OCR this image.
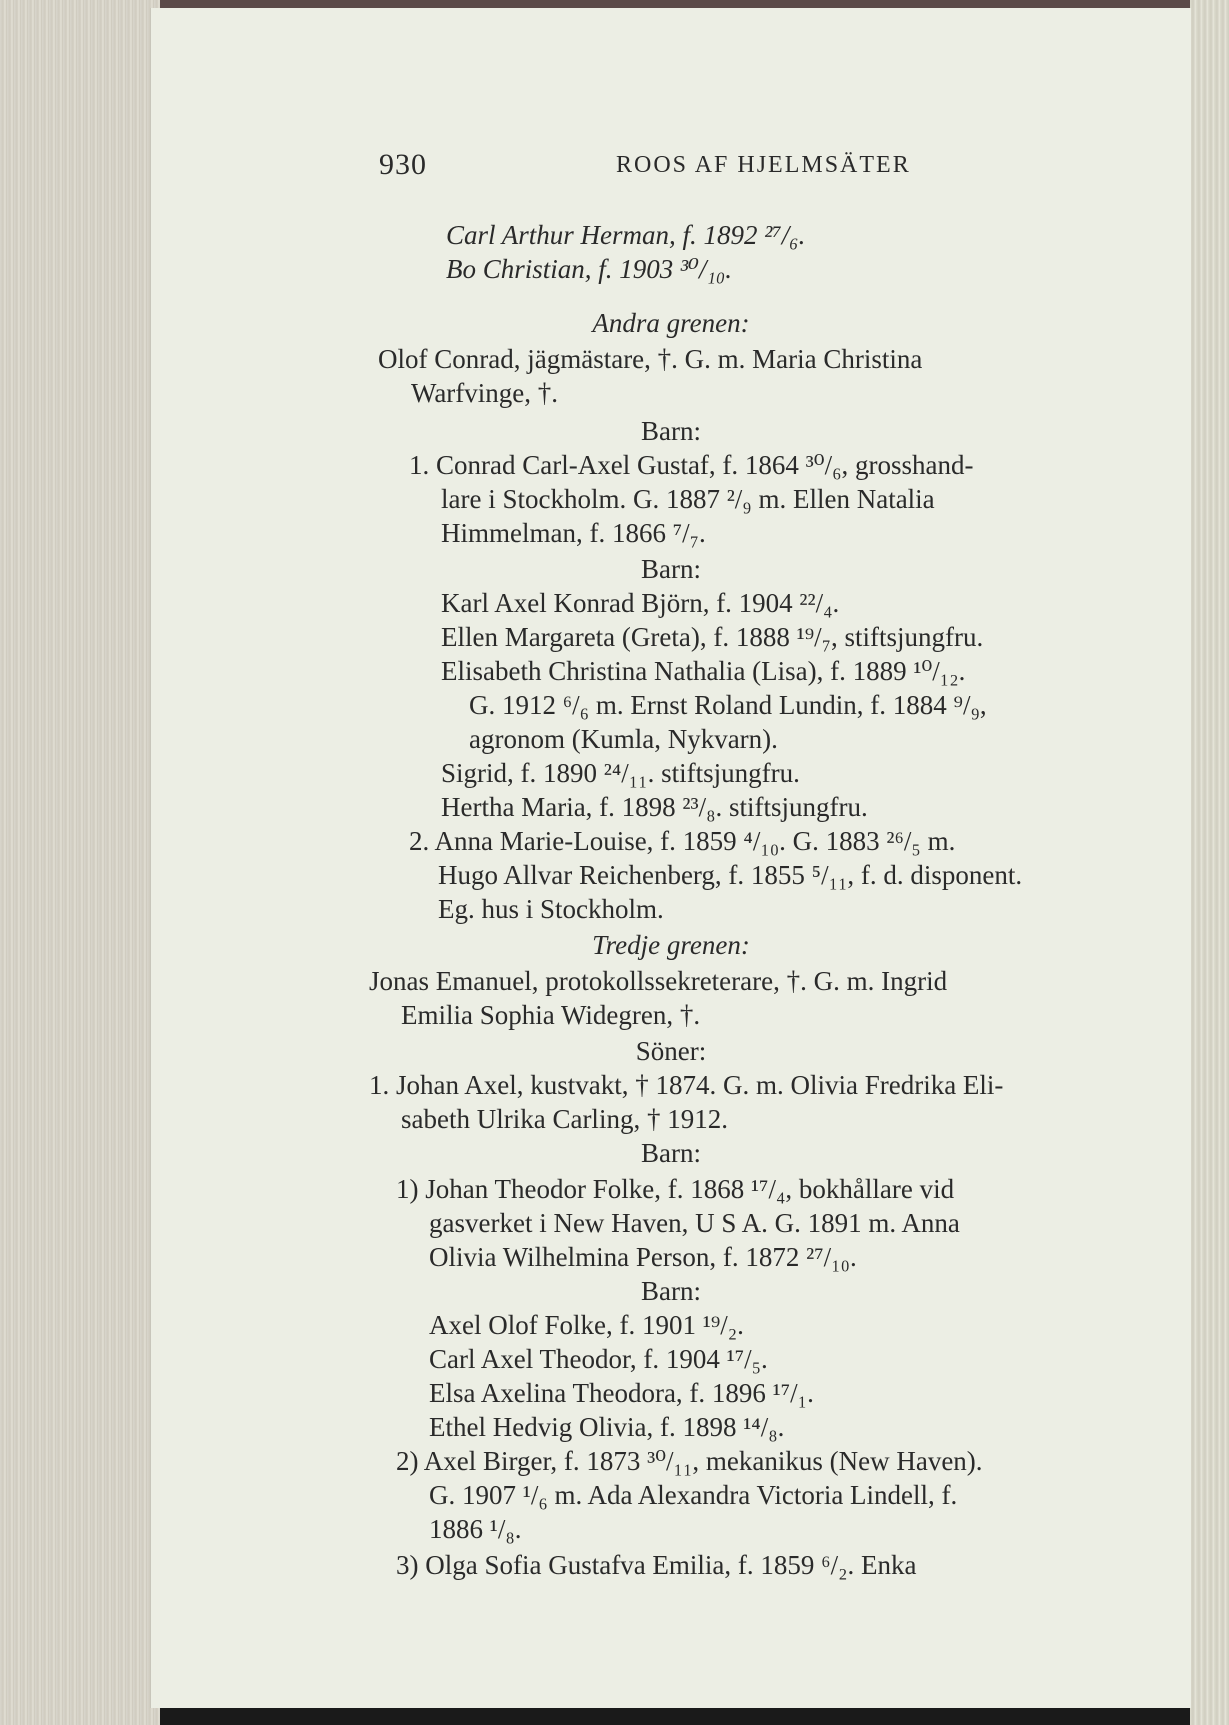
930	ROOS AF HJELMSÄTER
Carl Arthur Herman, f. 1892 ²⁷/₆.
Bo Christian, f. 1903 ³⁰/₁₀.
Andra grenen:
Olof Conrad, jägmästare, †. G. m. Maria Christina
Warfvinge, †.
Barn:
1. Conrad Carl-Axel Gustaf, f. 1864 ³⁰/₆, grosshand-
lare i Stockholm. G. 1887 ²/₉ m. Ellen Natalia
Himmelman, f. 1866 ⁷/₇.
Barn:
Karl Axel Konrad Björn, f. 1904 ²²/₄.
Ellen Margareta (Greta), f. 1888 ¹⁹/₇, stiftsjungfru.
Elisabeth Christina Nathalia (Lisa), f. 1889 ¹⁰/₁₂.
G. 1912 ⁶/₆ m. Ernst Roland Lundin, f. 1884 ⁹/₉,
agronom (Kumla, Nykvarn).
Sigrid, f. 1890 ²⁴/₁₁. stiftsjungfru.
Hertha Maria, f. 1898 ²³/₈. stiftsjungfru.
2. Anna Marie-Louise, f. 1859 ⁴/₁₀. G. 1883 ²⁶/₅ m.
Hugo Allvar Reichenberg, f. 1855 ⁵/₁₁, f. d. disponent.
Eg. hus i Stockholm.
Tredje grenen:
Jonas Emanuel, protokollssekreterare, †. G. m. Ingrid
Emilia Sophia Widegren, †.
Söner:
1. Johan Axel, kustvakt, † 1874. G. m. Olivia Fredrika Eli-
sabeth Ulrika Carling, † 1912.
Barn:
1) Johan Theodor Folke, f. 1868 ¹⁷/₄, bokhållare vid
gasverket i New Haven, U S A. G. 1891 m. Anna
Olivia Wilhelmina Person, f. 1872 ²⁷/₁₀.
Barn:
Axel Olof Folke, f. 1901 ¹⁹/₂.
Carl Axel Theodor, f. 1904 ¹⁷/₅.
Elsa Axelina Theodora, f. 1896 ¹⁷/₁.
Ethel Hedvig Olivia, f. 1898 ¹⁴/₈.
2) Axel Birger, f. 1873 ³⁰/₁₁, mekanikus (New Haven).
G. 1907 ¹/₆ m. Ada Alexandra Victoria Lindell, f.
1886 ¹/₈.
3) Olga Sofia Gustafva Emilia, f. 1859 ⁶/₂. Enka
